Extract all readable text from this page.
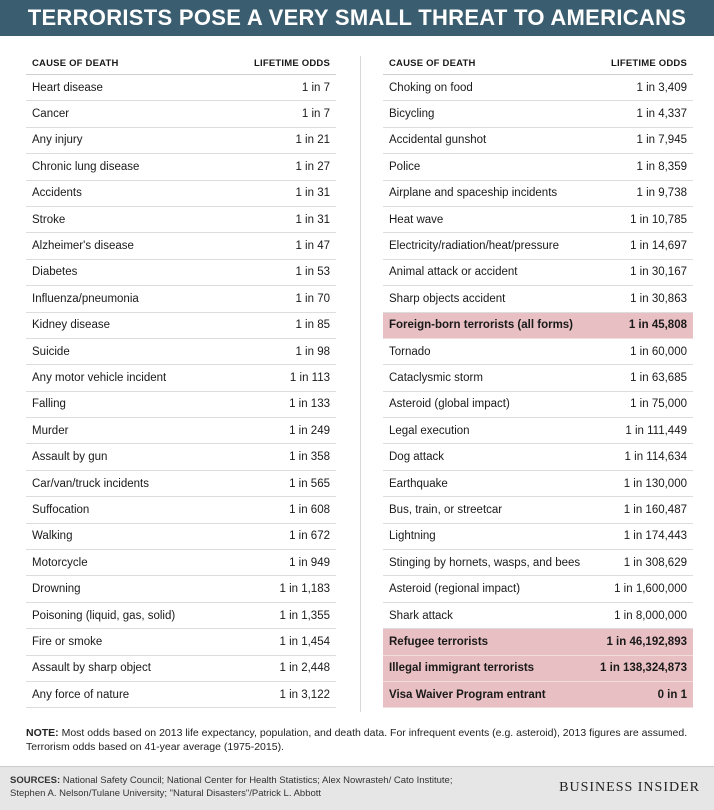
TERRORISTS POSE A VERY SMALL THREAT TO AMERICANS
CAUSE OF DEATH	LIFETIME ODDS
Heart disease	1 in 7
Cancer	1 in 7
Any injury	1 in 21
Chronic lung disease	1 in 27
Accidents	1 in 31
Stroke	1 in 31
Alzheimer's disease	1 in 47
Diabetes	1 in 53
Influenza/pneumonia	1 in 70
Kidney disease	1 in 85
Suicide	1 in 98
Any motor vehicle incident	1 in 113
Falling	1 in 133
Murder	1 in 249
Assault by gun	1 in 358
Car/van/truck incidents	1 in 565
Suffocation	1 in 608
Walking	1 in 672
Motorcycle	1 in 949
Drowning	1 in 1,183
Poisoning (liquid, gas, solid)	1 in 1,355
Fire or smoke	1 in 1,454
Assault by sharp object	1 in 2,448
Any force of nature	1 in 3,122
CAUSE OF DEATH	LIFETIME ODDS
Choking on food	1 in 3,409
Bicycling	1 in 4,337
Accidental gunshot	1 in 7,945
Police	1 in 8,359
Airplane and spaceship incidents	1 in 9,738
Heat wave	1 in 10,785
Electricity/radiation/heat/pressure	1 in 14,697
Animal attack or accident	1 in 30,167
Sharp objects accident	1 in 30,863
Foreign-born terrorists (all forms)	1 in 45,808
Tornado	1 in 60,000
Cataclysmic storm	1 in 63,685
Asteroid (global impact)	1 in 75,000
Legal execution	1 in 111,449
Dog attack	1 in 114,634
Earthquake	1 in 130,000
Bus, train, or streetcar	1 in 160,487
Lightning	1 in 174,443
Stinging by hornets, wasps, and bees	1 in 308,629
Asteroid (regional impact)	1 in 1,600,000
Shark attack	1 in 8,000,000
Refugee terrorists	1 in 46,192,893
Illegal immigrant terrorists	1 in 138,324,873
Visa Waiver Program entrant	0 in 1
NOTE: Most odds based on 2013 life expectancy, population, and death data. For infrequent events (e.g. asteroid), 2013 figures are assumed. Terrorism odds based on 41-year average (1975-2015).
SOURCES: National Safety Council; National Center for Health Statistics; Alex Nowrasteh/ Cato Institute; Stephen A. Nelson/Tulane University; "Natural Disasters"/Patrick L. Abbott	BUSINESS INSIDER
